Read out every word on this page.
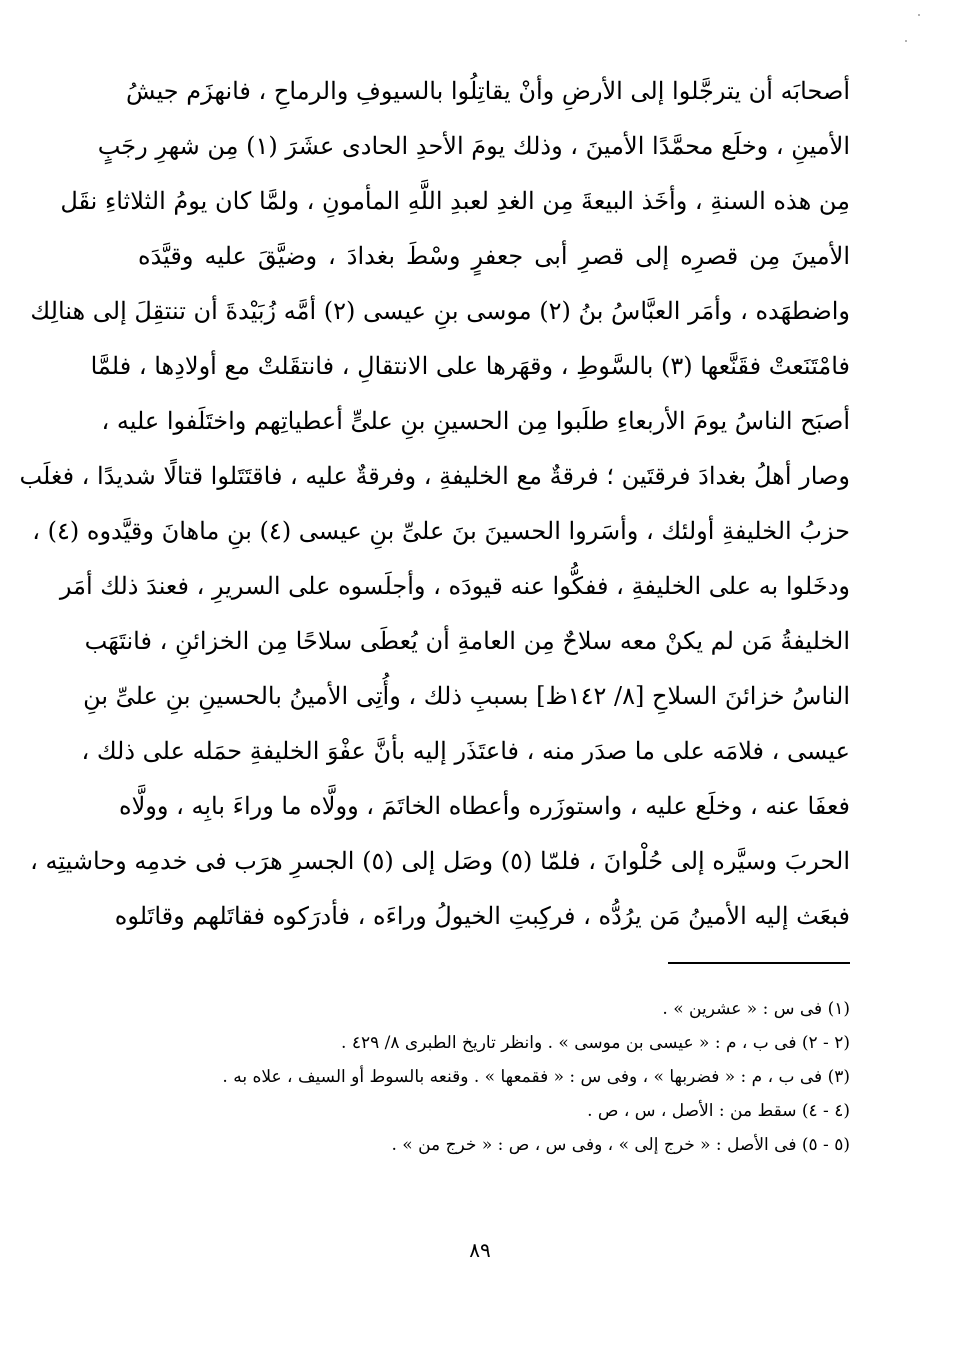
أصحابَه أن يترجَّلوا إلى الأرضِ وأنْ يقاتِلُوا بالسيوفِ والرماحِ ، فانهزَم جيشُ
الأمينِ ، وخلَع محمَّدًا الأمينَ ، وذلك يومَ الأحدِ الحادى عشَرَ (١) مِن شهرِ رجَبٍ
مِن هذه السنةِ ، وأخَذ البيعةَ مِن الغدِ لعبدِ اللَّهِ المأمونِ ، ولمَّا كان يومُ الثلاثاءِ نقَل
الأمينَ مِن قصرِه إلى قصرِ أبى جعفرٍ وسْطَ بغدادَ ، وضيَّقَ عليه وقيَّدَه
واضطهَده ، وأمَر العبَّاسُ بنُ (٢) موسى بنِ عيسى (٢) أمَّه زُبَيْدةَ أن تنتقِلَ إلى هنالِك
فامْتَنَعتْ فقَنَّعها (٣) بالسَّوطِ ، وقهَرها على الانتقالِ ، فانتقَلتْ مع أولادِها ، فلمَّا
أصبَح الناسُ يومَ الأربعاءِ طلَبوا مِن الحسينِ بنِ علىٍّ أعطياتِهم واختَلَفوا عليه ،
وصار أهلُ بغدادَ فرقتَين ؛ فرقةٌ مع الخليفةِ ، وفرقةٌ عليه ، فاقتَتَلوا قتالًا شديدًا ، فغلَب
حزبُ الخليفةِ أولئك ، وأسَروا الحسينَ بنَ علىِّ بنِ عيسى (٤) بنِ ماهانَ وقيَّدوه (٤) ،
ودخَلوا به على الخليفةِ ، ففكُّوا عنه قيودَه ، وأجلَسوه على السريرِ ، فعندَ ذلك أمَر
الخليفةُ مَن لم يكنْ معه سلاحٌ مِن العامةِ أن يُعطَى سلاحًا مِن الخزائنِ ، فانتَهَب
الناسُ خزائنَ السلاحِ [٨/ ١٤٢ظ] بسببِ ذلك ، وأُتِى الأمينُ بالحسينِ بنِ علىِّ بنِ
عيسى ، فلامَه على ما صدَر منه ، فاعتَذَر إليه بأنَّ عفْوَ الخليفةِ حمَله على ذلك ،
فعفَا عنه ، وخلَع عليه ، واستوزَره وأعطاه الخاتَمَ ، وولَّاه ما وراءَ بابِه ، وولَّاه
الحربَ وسيَّره إلى حُلْوانَ ، فلمّا (٥) وصَل إلى (٥) الجسرِ هرَب فى خدمِه وحاشيتِه ،
فبعَث إليه الأمينُ مَن يرُدُّه ، فركِبتِ الخيولُ وراءَه ، فأدرَكوه فقاتَلهم وقاتَلوه
(١) فى س : « عشرين » .
(٢ - ٢) فى ب ، م : « عيسى بن موسى » . وانظر تاريخ الطبرى ٨/ ٤٢٩ .
(٣) فى ب ، م : « فضربها » ، وفى س : « فقمعها » . وقنعه بالسوط أو السيف ، علاه به .
(٤ - ٤) سقط من : الأصل ، س ، ص .
(٥ - ٥) فى الأصل : « خرج إلى » ، وفى س ، ص : « خرج من » .
٨٩
